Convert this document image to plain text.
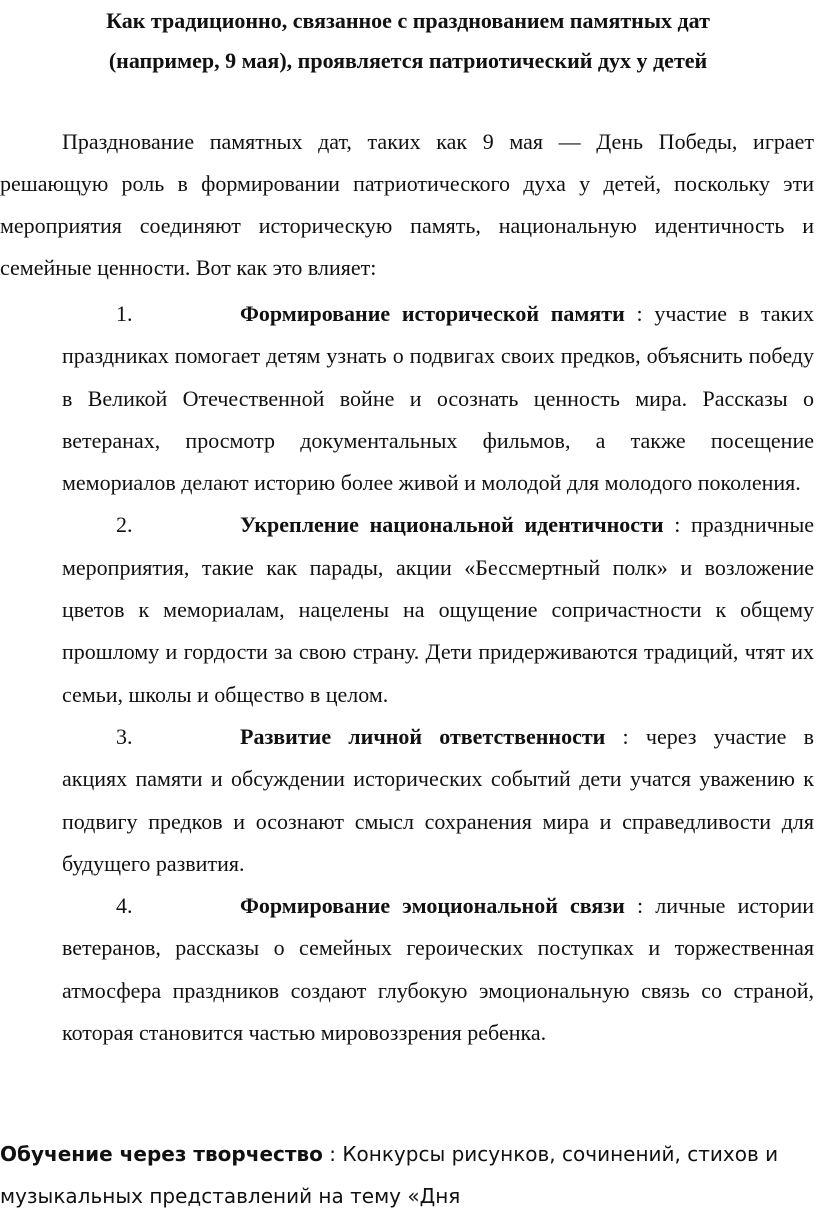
Как традиционно, связанное с празднованием памятных дат
(например, 9 мая), проявляется патриотический дух у детей

Празднование памятных дат, таких как 9 мая — День Победы, играет решающую роль в формировании патриотического духа у детей, поскольку эти мероприятия соединяют историческую память, национальную идентичность и семейные ценности. Вот как это влияет:

1.	Формирование исторической памяти : участие в таких праздниках помогает детям узнать о подвигах своих предков, объяснить победу в Великой Отечественной войне и осознать ценность мира. Рассказы о ветеранах, просмотр документальных фильмов, а также посещение мемориалов делают историю более живой и молодой для молодого поколения.
2.	Укрепление национальной идентичности : праздничные мероприятия, такие как парады, акции «Бессмертный полк» и возложение цветов к мемориалам, нацелены на ощущение сопричастности к общему прошлому и гордости за свою страну. Дети придерживаются традиций, чтят их семьи, школы и общество в целом.
3.	Развитие личной ответственности : через участие в акциях памяти и обсуждении исторических событий дети учатся уважению к подвигу предков и осознают смысл сохранения мира и справедливости для будущего развития.
4.	Формирование эмоциональной связи : личные истории ветеранов, рассказы о семейных героических поступках и торжественная атмосфера праздников создают глубокую эмоциональную связь со страной, которая становится частью мировоззрения ребенка.

Обучение через творчество : Конкурсы рисунков, сочинений, стихов и музыкальных представлений на тему «Дня
